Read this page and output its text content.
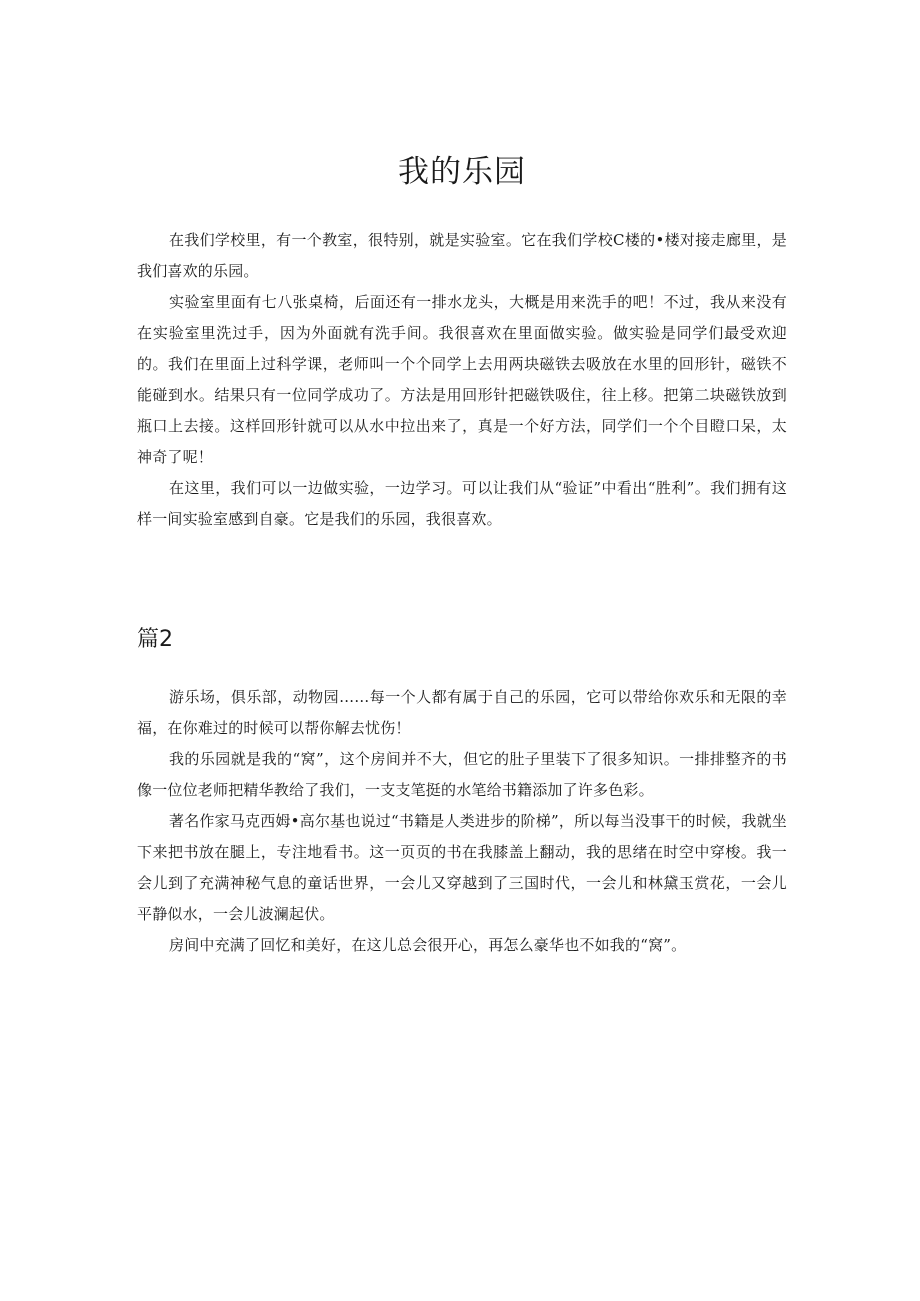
我的乐园

在我们学校里，有一个教室，很特别，就是实验室。它在我们学校C楼的•楼对接走廊里，是我们喜欢的乐园。

实验室里面有七八张桌椅，后面还有一排水龙头，大概是用来洗手的吧！不过，我从来没有在实验室里洗过手，因为外面就有洗手间。我很喜欢在里面做实验。做实验是同学们最受欢迎的。我们在里面上过科学课，老师叫一个个同学上去用两块磁铁去吸放在水里的回形针，磁铁不能碰到水。结果只有一位同学成功了。方法是用回形针把磁铁吸住，往上移。把第二块磁铁放到瓶口上去接。这样回形针就可以从水中拉出来了，真是一个好方法，同学们一个个目瞪口呆，太神奇了呢！

在这里，我们可以一边做实验，一边学习。可以让我们从“验证”中看出“胜利”。我们拥有这样一间实验室感到自豪。它是我们的乐园，我很喜欢。

篇2

游乐场，俱乐部，动物园……每一个人都有属于自己的乐园，它可以带给你欢乐和无限的幸福，在你难过的时候可以帮你解去忧伤！

我的乐园就是我的“窝”，这个房间并不大，但它的肚子里装下了很多知识。一排排整齐的书像一位位老师把精华教给了我们，一支支笔挺的水笔给书籍添加了许多色彩。

著名作家马克西姆•高尔基也说过“书籍是人类进步的阶梯”，所以每当没事干的时候，我就坐下来把书放在腿上，专注地看书。这一页页的书在我膝盖上翻动，我的思绪在时空中穿梭。我一会儿到了充满神秘气息的童话世界，一会儿又穿越到了三国时代，一会儿和林黛玉赏花，一会儿平静似水，一会儿波澜起伏。

房间中充满了回忆和美好，在这儿总会很开心，再怎么豪华也不如我的“窝”。
